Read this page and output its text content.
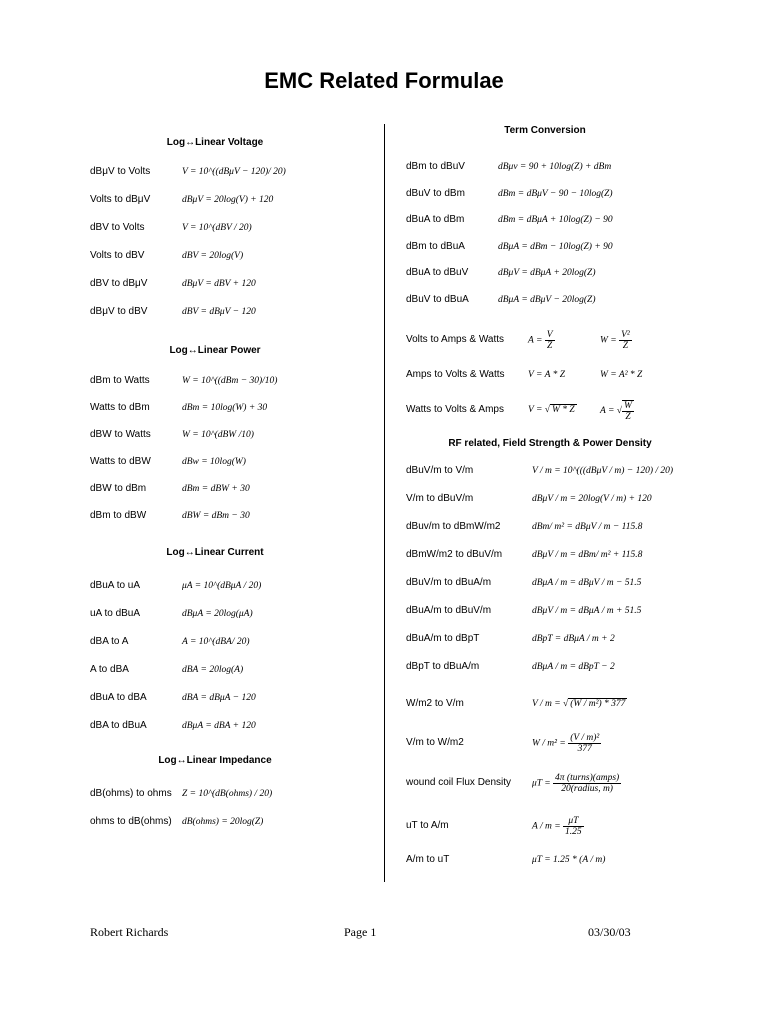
EMC Related Formulae
Log↔Linear Voltage
dBμV to Volts	V = 10^((dBμV − 120)/ 20)
Volts to dBμV	dBμV = 20log(V) + 120
dBV to Volts	V = 10^(dBV / 20)
Volts to dBV	dBV = 20log(V)
dBV to dBμV	dBμV = dBV + 120
dBμV to dBV	dBV = dBμV − 120
Log↔Linear Power
dBm to Watts	W = 10^((dBm − 30)/10)
Watts to dBm	dBm = 10log(W) + 30
dBW to Watts	W = 10^(dBW /10)
Watts to dBW	dBw = 10log(W)
dBW to dBm	dBm = dBW + 30
dBm to dBW	dBW = dBm − 30
Log↔Linear Current
dBuA to uA	μA = 10^(dBμA / 20)
uA to dBuA	dBμA = 20log(μA)
dBA to A	A = 10^(dBA/ 20)
A to dBA	dBA = 20log(A)
dBuA to dBA	dBA = dBμA − 120
dBA to dBuA	dBμA = dBA + 120
Log↔Linear Impedance
dB(ohms) to ohms Z = 10^(dB(ohms) / 20)
ohms to dB(ohms) dB(ohms) = 20log(Z)
Term Conversion
dBm to dBuV	dBμv = 90 + 10log(Z) + dBm
dBuV to dBm	dBm = dBμV − 90 − 10log(Z)
dBuA to dBm	dBm = dBμA + 10log(Z) − 90
dBm to dBuA	dBμA = dBm − 10log(Z) + 90
dBuA to dBuV	dBμV = dBμA + 20log(Z)
dBuV to dBuA	dBμA = dBμV − 20log(Z)
Volts to Amps & Watts	$A = \frac{V}{Z}$	$W = \frac{\text{V²}}{Z}$
Amps to Volts & Watts V = A * Z	W = A² * Z
Watts to Volts & Amps	V = √ W * Z	A = √ $\frac{W}{Z}$
RF related, Field Strength & Power Density
dBuV/m to V/m	V / m = 10^(((dBμV / m) − 120) / 20)
V/m to dBuV/m	dBμV / m = 20log(V / m) + 120
dBuv/m to dBmW/m2	dBm/ m² = dBμV / m − 115.8
dBmW/m2 to dBuV/m	dBμV / m = dBm/ m² + 115.8
dBuV/m to dBuA/m	dBμA / m = dBμV / m − 51.5
dBuA/m to dBuV/m	dBμV / m = dBμA / m + 51.5
dBuA/m to dBpT	dBpT = dBμA / m + 2
dBpT to dBuA/m	dBμA / m = dBpT − 2
W/m2 to V/m	V / m = √ (W / m²) * 377
V/m to W/m2	$W / m^2 = \frac{\text{(V / m)²}}{377}$
wound coil Flux Density $\mu T = \frac{\text{4π (turns)(amps)}}{\text{20(radius, m)}}$
uT to A/m	$A / m = \frac{\mu T}{1.25}$
A/m to uT	μT = 1.25 * (A / m)
Robert Richards	Page 1	03/30/03
